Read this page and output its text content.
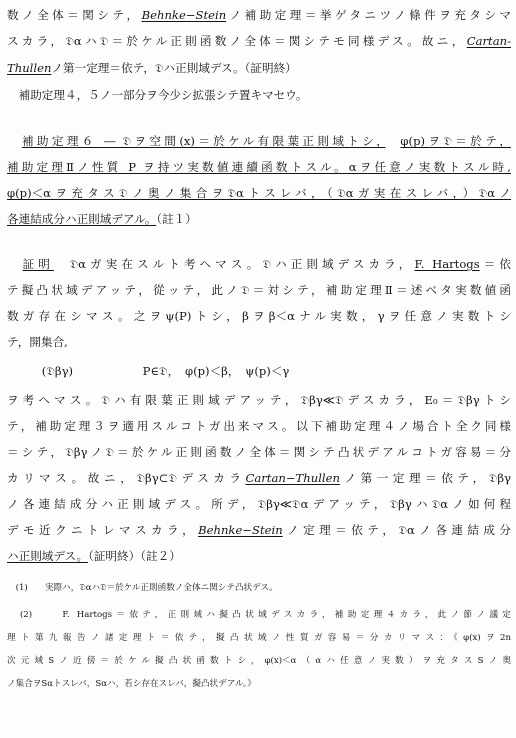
数ノ全体＝関シテ，Behnke−Steinノ補助定理＝挙ゲタニツノ條件ヲ充タシマ
スカラ，𝔇αハ𝔇＝於ケル正則函数ノ全体＝関シテモ同様デス。故ニ，Cartan-
Thullenノ第一定理＝依テ，𝔇ハ正則域デス。（証明終）
　補助定理４，５ノ一部分ヲ今少シ拡張シテ置キマセウ。
　補助定理６ ― 𝔇ヲ空間(x)＝於ケル有限葉正則域トシ，　 φ(p)ヲ𝔇＝於テ，
補助定理Ⅱノ性質 P ヲ持ツ実数値連續函数トスル。αヲ任意ノ実数トスル時,
φ(p)＜αヲ充タス𝔇ノ奥ノ集合ヲ𝔇αトスレバ，（𝔇αガ実在スレバ，）𝔇αノ
各連結成分ハ正則域デアル。（註１）
　証明　𝔇αガ実在スルト考ヘマス。𝔇ハ正則域デスカラ，F. Hartogs＝依
テ擬凸状域デアッテ，從ッテ，此ノ𝔇＝対シテ，補助定理Ⅱ＝述ベタ実数値函
数ガ存在シマス。之ヲψ(P)トシ，βヲβ＜αナル実数，γヲ任意ノ実数トシ
テ，開集合,
　　　(𝔇βγ)　　　　　　P∈𝔇，　φ(p)＜β，　ψ(p)＜γ
ヲ考ヘマス。𝔇ハ有限葉正則域デアッテ，𝔇βγ≪𝔇デスカラ，E₀＝𝔇βγトシ
テ，補助定理３ヲ適用スルコトガ出来マス。以下補助定理４ノ場合ト全ク同様
＝シテ，𝔇βγノ𝔇＝於ケル正則函数ノ全体＝関シテ凸状デアルコトガ容易＝分
カリマス。故ニ，𝔇βγ⊂𝔇デスカラCartan−Thullenノ第一定理＝依テ，𝔇βγ
ノ各連結成分ハ正則域デス。所デ，𝔇βγ≪𝔇αデアッテ，𝔇βγハ𝔇αノ如何程
デモ近クニトレマスカラ，Behnke−Steinノ定理＝依テ，𝔇αノ各連結成分
ハ正則域デス。（証明終）（註２）
　(1)　　実際ハ，𝔇αハ𝔇＝於ケル正則函数ノ全体ニ関シテ凸状デス。
　(2)　　F. Hartogs＝依テ，正則域ハ擬凸状域デスカラ，補助定理４カラ，此ノ節ノ議定
理ト第九報告ノ諸定理ト＝依テ，擬凸状域ノ性質ガ容易＝分カリマス：《φ(x)ヲ2n
次元域Sノ近傍＝於ケル擬凸状函数トシ，φ(x)＜α（αハ任意ノ実数）ヲ充タスSノ奥
ノ集合ヲSαトスレバ，Sαハ，若シ存在スレバ，擬凸状デアル。》
